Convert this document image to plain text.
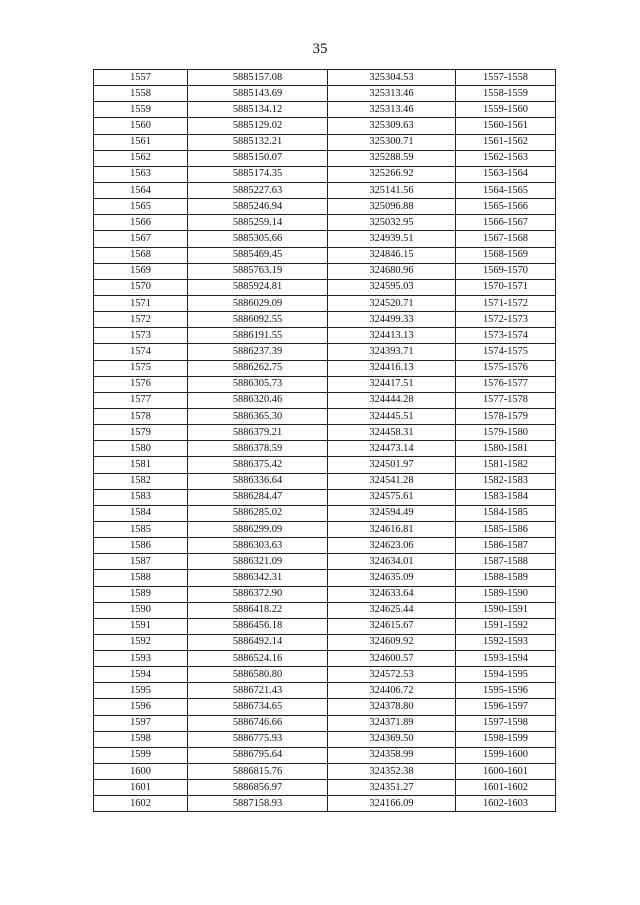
35
1557	5885157.08	325304.53	1557-1558
1558	5885143.69	325313.46	1558-1559
1559	5885134.12	325313.46	1559-1560
1560	5885129.02	325309.63	1560-1561
1561	5885132.21	325300.71	1561-1562
1562	5885150.07	325288.59	1562-1563
1563	5885174.35	325266.92	1563-1564
1564	5885227.63	325141.56	1564-1565
1565	5885246.94	325096.88	1565-1566
1566	5885259.14	325032.95	1566-1567
1567	5885305.66	324939.51	1567-1568
1568	5885469.45	324846.15	1568-1569
1569	5885763.19	324680.96	1569-1570
1570	5885924.81	324595.03	1570-1571
1571	5886029.09	324520.71	1571-1572
1572	5886092.55	324499.33	1572-1573
1573	5886191.55	324413.13	1573-1574
1574	5886237.39	324393.71	1574-1575
1575	5886262.75	324416.13	1575-1576
1576	5886305.73	324417.51	1576-1577
1577	5886320.46	324444.28	1577-1578
1578	5886365.30	324445.51	1578-1579
1579	5886379.21	324458.31	1579-1580
1580	5886378.59	324473.14	1580-1581
1581	5886375.42	324501.97	1581-1582
1582	5886336.64	324541.28	1582-1583
1583	5886284.47	324575.61	1583-1584
1584	5886285.02	324594.49	1584-1585
1585	5886299.09	324616.81	1585-1586
1586	5886303.63	324623.06	1586-1587
1587	5886321.09	324634.01	1587-1588
1588	5886342.31	324635.09	1588-1589
1589	5886372.90	324633.64	1589-1590
1590	5886418.22	324625.44	1590-1591
1591	5886456.18	324615.67	1591-1592
1592	5886492.14	324609.92	1592-1593
1593	5886524.16	324600.57	1593-1594
1594	5886580.80	324572.53	1594-1595
1595	5886721.43	324406.72	1595-1596
1596	5886734.65	324378.80	1596-1597
1597	5886746.66	324371.89	1597-1598
1598	5886775.93	324369.50	1598-1599
1599	5886795.64	324358.99	1599-1600
1600	5886815.76	324352.38	1600-1601
1601	5886856.97	324351.27	1601-1602
1602	5887158.93	324166.09	1602-1603
